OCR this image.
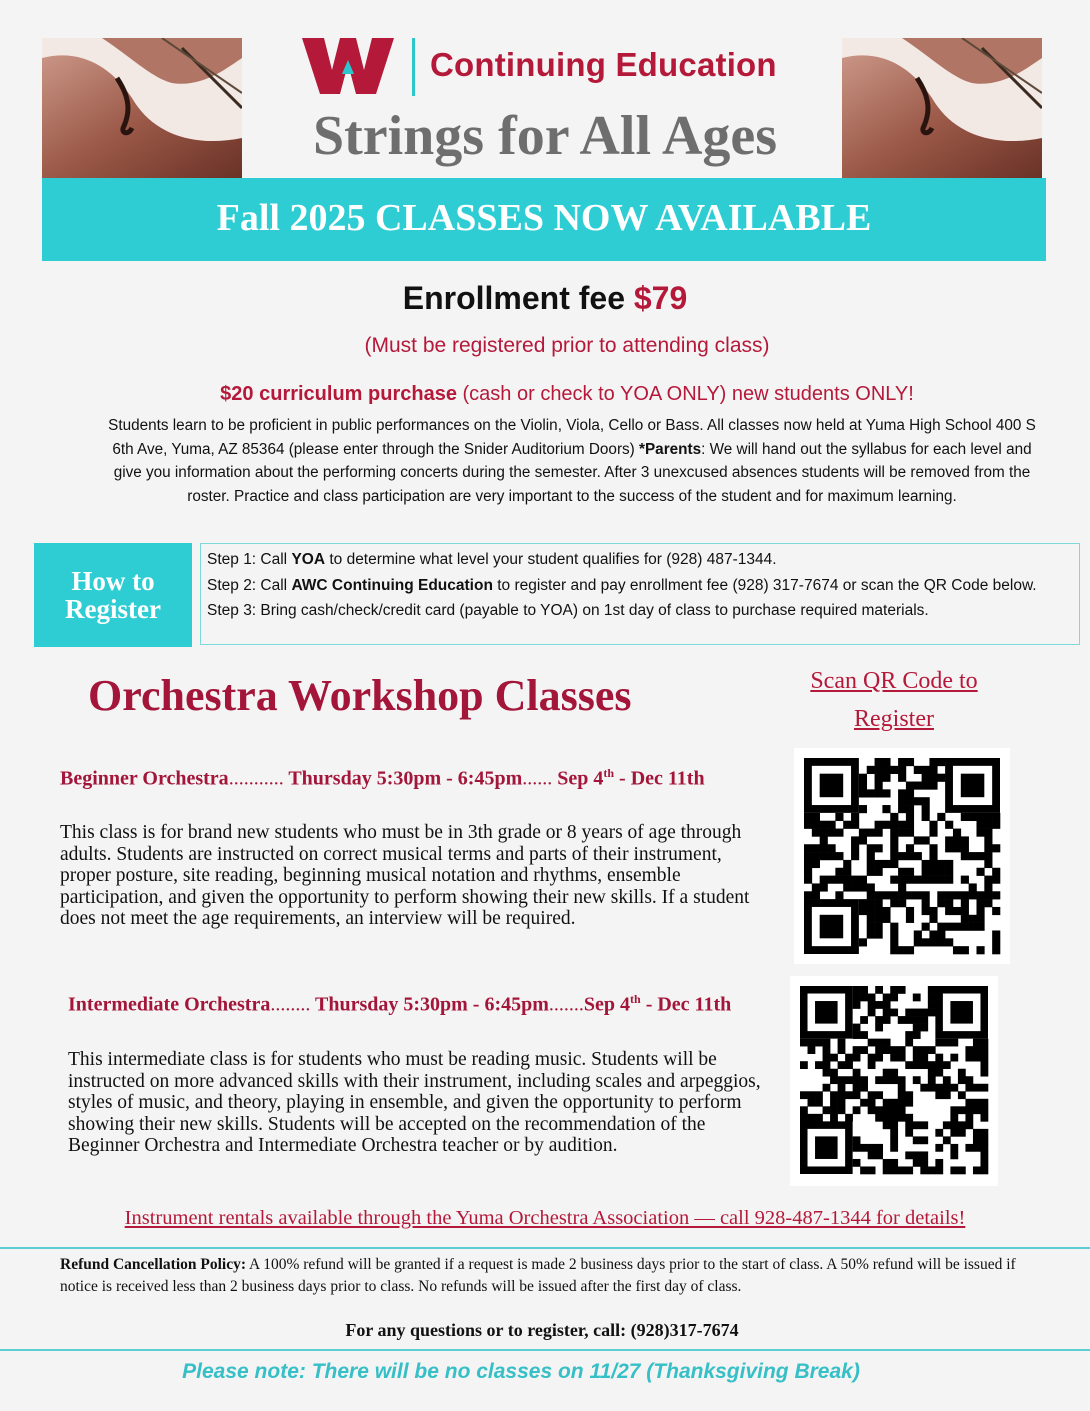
Continuing Education
Strings for All Ages
Fall 2025 CLASSES NOW AVAILABLE
Enrollment fee $79
(Must be registered prior to attending class)
$20 curriculum purchase (cash or check to YOA ONLY) new students ONLY!
Students learn to be proficient in public performances on the Violin, Viola, Cello or Bass. All classes now held at Yuma High School 400 S 6th Ave, Yuma, AZ 85364 (please enter through the Snider Auditorium Doors) *Parents: We will hand out the syllabus for each level and give you information about the performing concerts during the semester. After 3 unexcused absences students will be removed from the roster. Practice and class participation are very important to the success of the student and for maximum learning.
How to
Register
Step 1: Call YOA to determine what level your student qualifies for (928) 487-1344.
Step 2: Call AWC Continuing Education to register and pay enrollment fee (928) 317-7674 or scan the QR Code below.
Step 3: Bring cash/check/credit card (payable to YOA) on 1st day of class to purchase required materials.
Orchestra Workshop Classes	Scan QR Code to
Register
Beginner Orchestra........... Thursday 5:30pm - 6:45pm...... Sep 4th - Dec 11th
This class is for brand new students who must be in 3th grade or 8 years of age through adults. Students are instructed on correct musical terms and parts of their instrument, proper posture, site reading, beginning musical notation and rhythms, ensemble participation, and given the opportunity to perform showing their new skills. If a student does not meet the age requirements, an interview will be required.
Intermediate Orchestra........ Thursday 5:30pm - 6:45pm.......Sep 4th - Dec 11th
This intermediate class is for students who must be reading music. Students will be instructed on more advanced skills with their instrument, including scales and arpeggios, styles of music, and theory, playing in ensemble, and given the opportunity to perform showing their new skills. Students will be accepted on the recommendation of the Beginner Orchestra and Intermediate Orchestra teacher or by audition.
Instrument rentals available through the Yuma Orchestra Association — call 928-487-1344 for details!
Refund Cancellation Policy: A 100% refund will be granted if a request is made 2 business days prior to the start of class. A 50% refund will be issued if notice is received less than 2 business days prior to class. No refunds will be issued after the first day of class.
For any questions or to register, call: (928)317-7674
Please note: There will be no classes on 11/27 (Thanksgiving Break)
